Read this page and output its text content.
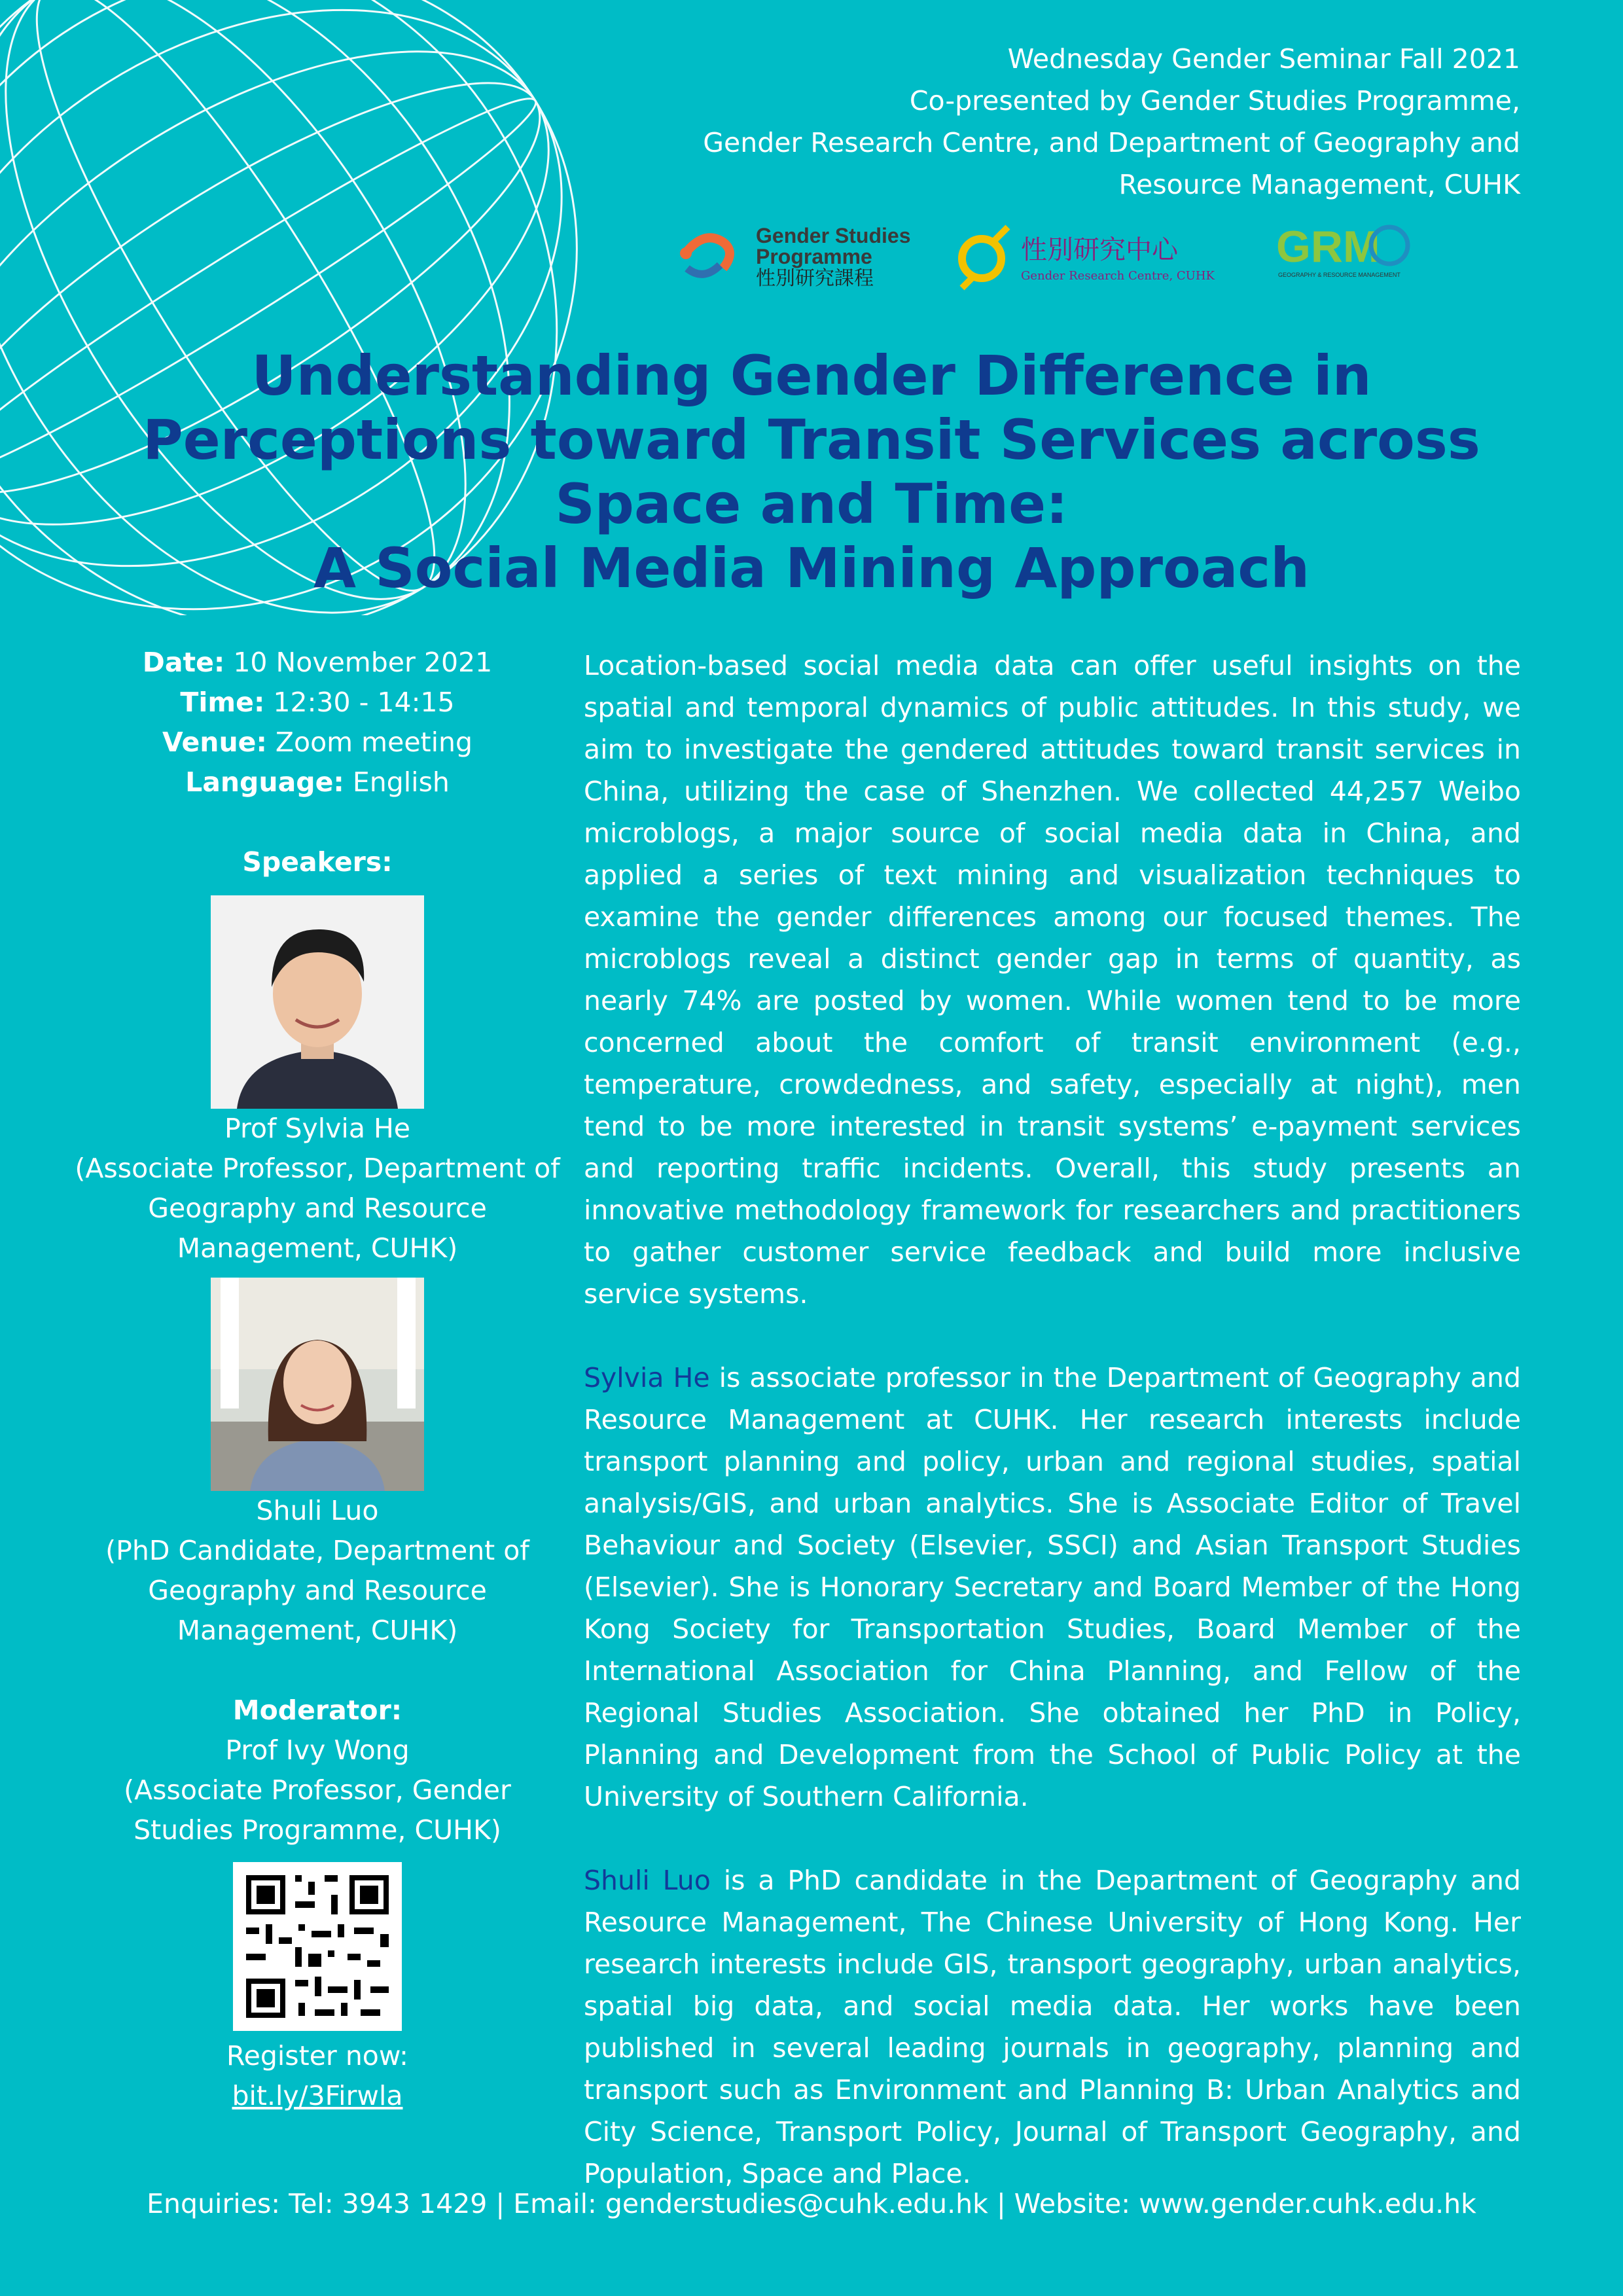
Wednesday Gender Seminar Fall 2021
Co-presented by Gender Studies Programme,
Gender Research Centre, and Department of Geography and
Resource Management, CUHK
Gender Studies
Programme
性別研究課程
性別研究中心
Gender Research Centre, CUHK
GRM
GEOGRAPHY & RESOURCE MANAGEMENT
Understanding Gender Difference in
Perceptions toward Transit Services across
Space and Time:
A Social Media Mining Approach
Date: 10 November 2021
Time: 12:30 - 14:15
Venue: Zoom meeting
Language: English
Speakers:
Prof Sylvia He
(Associate Professor, Department of
Geography and Resource
Management, CUHK)
Shuli Luo
(PhD Candidate, Department of
Geography and Resource
Management, CUHK)
Moderator:
Prof Ivy Wong
(Associate Professor, Gender
Studies Programme, CUHK)
Register now:
bit.ly/3Firwla

Location-based social media data can offer useful insights on the spatial and temporal dynamics of public attitudes. In this study, we aim to investigate the gendered attitudes toward transit services in China, utilizing the case of Shenzhen. We collected 44,257 Weibo microblogs, a major source of social media data in China, and applied a series of text mining and visualization techniques to examine the gender differences among our focused themes. The microblogs reveal a distinct gender gap in terms of quantity, as nearly 74% are posted by women. While women tend to be more concerned about the comfort of transit environment (e.g., temperature, crowdedness, and safety, especially at night), men tend to be more interested in transit systems’ e-payment services and reporting traffic incidents. Overall, this study presents an innovative methodology framework for researchers and practitioners to gather customer service feedback and build more inclusive service systems.

Sylvia He is associate professor in the Department of Geography and Resource Management at CUHK. Her research interests include transport planning and policy, urban and regional studies, spatial analysis/GIS, and urban analytics. She is Associate Editor of Travel Behaviour and Society (Elsevier, SSCI) and Asian Transport Studies (Elsevier). She is Honorary Secretary and Board Member of the Hong Kong Society for Transportation Studies, Board Member of the International Association for China Planning, and Fellow of the Regional Studies Association. She obtained her PhD in Policy, Planning and Development from the School of Public Policy at the University of Southern California.

Shuli Luo is a PhD candidate in the Department of Geography and Resource Management, The Chinese University of Hong Kong. Her research interests include GIS, transport geography, urban analytics, spatial big data, and social media data. Her works have been published in several leading journals in geography, planning and transport such as Environment and Planning B: Urban Analytics and City Science, Transport Policy, Journal of Transport Geography, and Population, Space and Place.

Enquiries: Tel: 3943 1429 | Email: genderstudies@cuhk.edu.hk | Website: www.gender.cuhk.edu.hk
